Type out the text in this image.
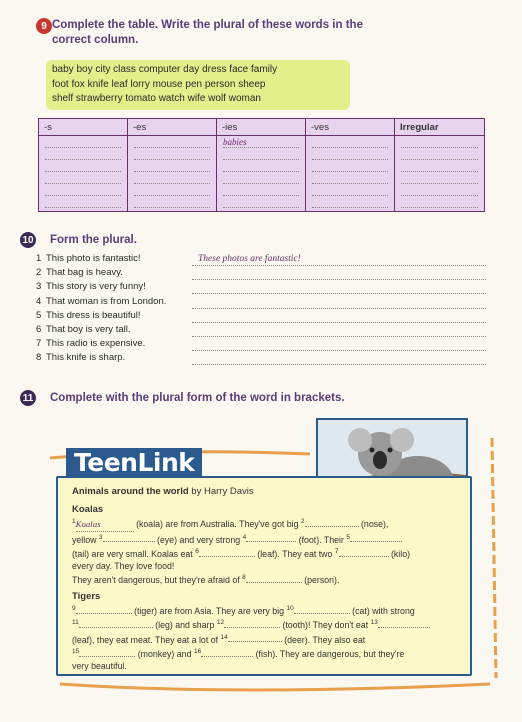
9 Complete the table. Write the plural of these words in the correct column.
baby boy city class computer day dress face family
foot fox knife leaf lorry mouse pen person sheep
shelf strawberry tomato watch wife wolf woman
-s	-es	-ies	-ves	Irregular

		babies		

10 Form the plural.
1 This photo is fantastic!	These photos are fantastic!
2 That bag is heavy.
3 This story is very funny!
4 That woman is from London.
5 This dress is beautiful!
6 That boy is very tall.
7 This radio is expensive.
8 This knife is sharp.
11 Complete with the plural form of the word in brackets.
TeenLink
Animals around the world by Harry Davis
Koalas
$^1$Koalas	(koala) are from Australia. They've got big $^2$	(nose),
yellow $^3$	(eye) and very strong $^4$	(foot). Their $^5$
(tail) are very small. Koalas eat $^6$	(leaf). They eat two $^7$	(kilo)
every day. They love food!
They aren't dangerous, but they're afraid of $^8$	(person).
Tigers
$^9$	(tiger) are from Asia. They are very big $^{10}$	(cat) with strong
$^{11}$	(leg) and sharp $^{12}$	(tooth)! They don't eat $^{13}$
(leaf), they eat meat. They eat a lot of $^{14}$	(deer). They also eat
$^{15}$	(monkey) and $^{16}$	(fish). They are dangerous, but they're
very beautiful.
